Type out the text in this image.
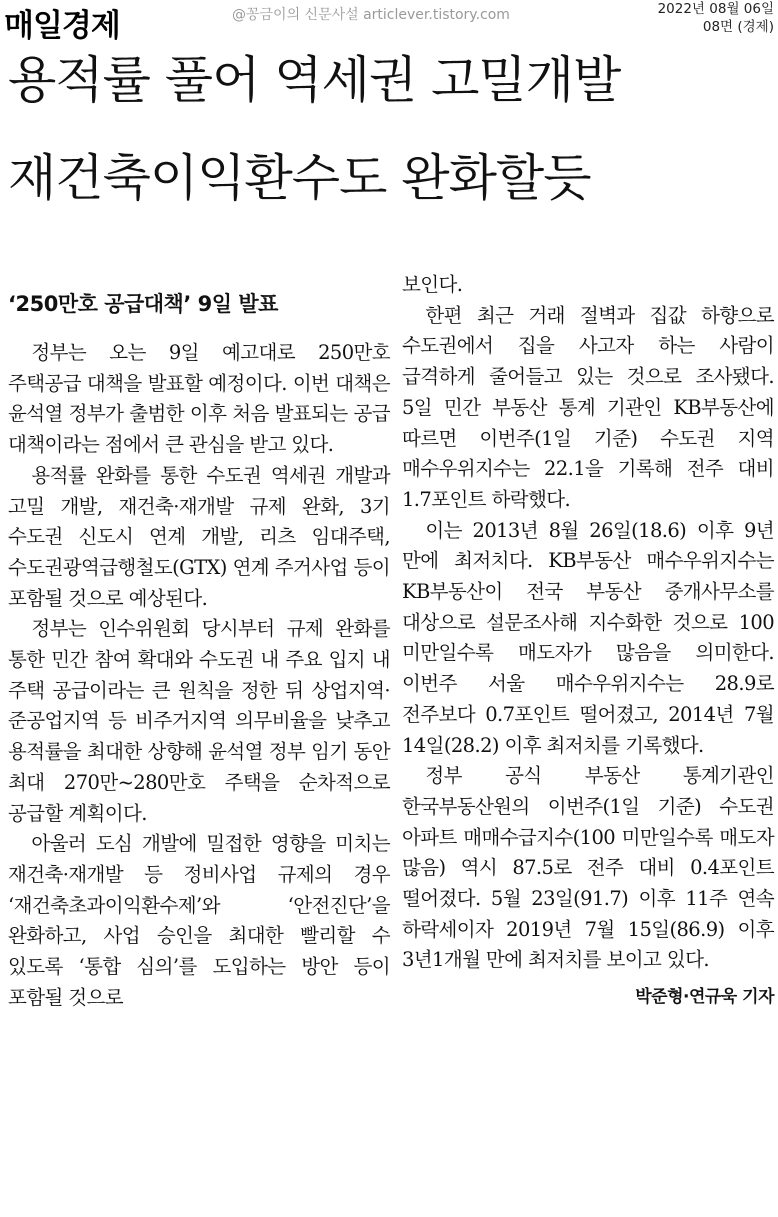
매일경제	@꽁금이의 신문사설 articlever.tistory.com	2022년 08월 06일
08면 (경제)
용적률 풀어 역세권 고밀개발
재건축이익환수도 완화할듯
‘250만호 공급대책’ 9일 발표

정부는 오는 9일 예고대로 250만호 주택공급 대책을 발표할 예정이다. 이번 대책은 윤석열 정부가 출범한 이후 처음 발표되는 공급 대책이라는 점에서 큰 관심을 받고 있다.

용적률 완화를 통한 수도권 역세권 개발과 고밀 개발, 재건축·재개발 규제 완화, 3기 수도권 신도시 연계 개발, 리츠 임대주택, 수도권광역급행철도(GTX) 연계 주거사업 등이 포함될 것으로 예상된다.

정부는 인수위원회 당시부터 규제 완화를 통한 민간 참여 확대와 수도권 내 주요 입지 내 주택 공급이라는 큰 원칙을 정한 뒤 상업지역·준공업지역 등 비주거지역 의무비율을 낮추고 용적률을 최대한 상향해 윤석열 정부 임기 동안 최대 270만~280만호 주택을 순차적으로 공급할 계획이다.

아울러 도심 개발에 밀접한 영향을 미치는 재건축·재개발 등 정비사업 규제의 경우 ‘재건축초과이익환수제’와 ‘안전진단’을 완화하고, 사업 승인을 최대한 빨리할 수 있도록 ‘통합 심의’를 도입하는 방안 등이 포함될 것으로

보인다.

한편 최근 거래 절벽과 집값 하향으로 수도권에서 집을 사고자 하는 사람이 급격하게 줄어들고 있는 것으로 조사됐다. 5일 민간 부동산 통계 기관인 KB부동산에 따르면 이번주(1일 기준) 수도권 지역 매수우위지수는 22.1을 기록해 전주 대비 1.7포인트 하락했다.

이는 2013년 8월 26일(18.6) 이후 9년 만에 최저치다. KB부동산 매수우위지수는 KB부동산이 전국 부동산 중개사무소를 대상으로 설문조사해 지수화한 것으로 100 미만일수록 매도자가 많음을 의미한다. 이번주 서울 매수우위지수는 28.9로 전주보다 0.7포인트 떨어졌고, 2014년 7월 14일(28.2) 이후 최저치를 기록했다.

정부 공식 부동산 통계기관인 한국부동산원의 이번주(1일 기준) 수도권 아파트 매매수급지수(100 미만일수록 매도자 많음) 역시 87.5로 전주 대비 0.4포인트 떨어졌다. 5월 23일(91.7) 이후 11주 연속 하락세이자 2019년 7월 15일(86.9) 이후 3년1개월 만에 최저치를 보이고 있다.

박준형·연규욱 기자
